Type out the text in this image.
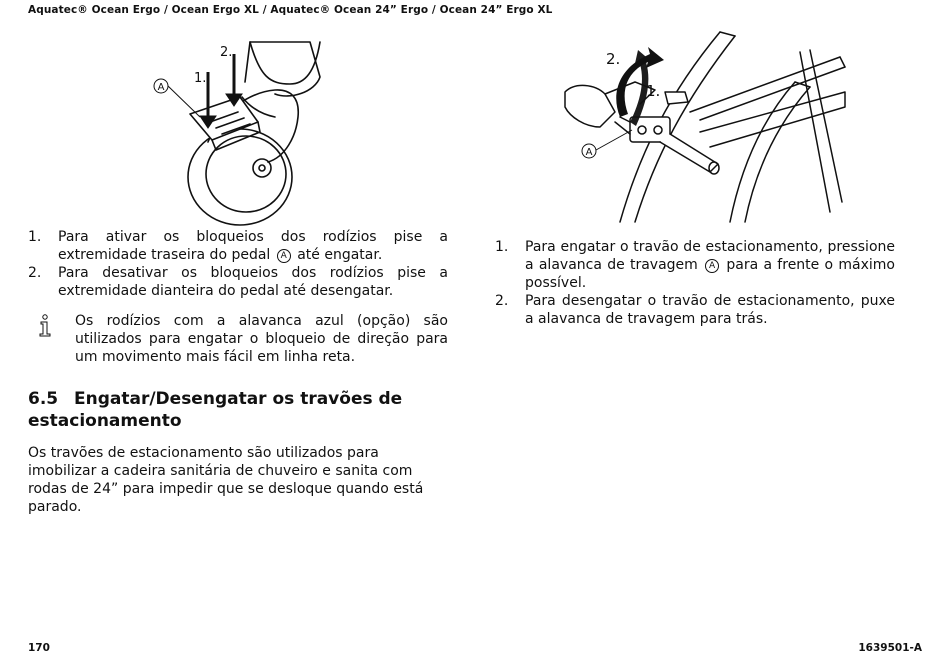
Aquatec® Ocean Ergo / Ocean Ergo XL / Aquatec® Ocean 24” Ergo / Ocean 24” Ergo XL
A
1.
2.
A
1.
2.
1. Para ativar os bloqueios dos rodízios pise a extremidade traseira do pedal A até engatar.
2. Para desativar os bloqueios dos rodízios pise a extremidade dianteira do pedal até desengatar.
Os rodízios com a alavanca azul (opção) são utilizados para engatar o bloqueio de direção para um movimento mais fácil em linha reta.
6.5 Engatar/Desengatar os travões de estacionamento
Os travões de estacionamento são utilizados para imobilizar a cadeira sanitária de chuveiro e sanita com rodas de 24” para impedir que se desloque quando está parado.
1. Para engatar o travão de estacionamento, pressione a alavanca de travagem A para a frente o máximo possível.
2. Para desengatar o travão de estacionamento, puxe a alavanca de travagem para trás.
170	1639501-A
